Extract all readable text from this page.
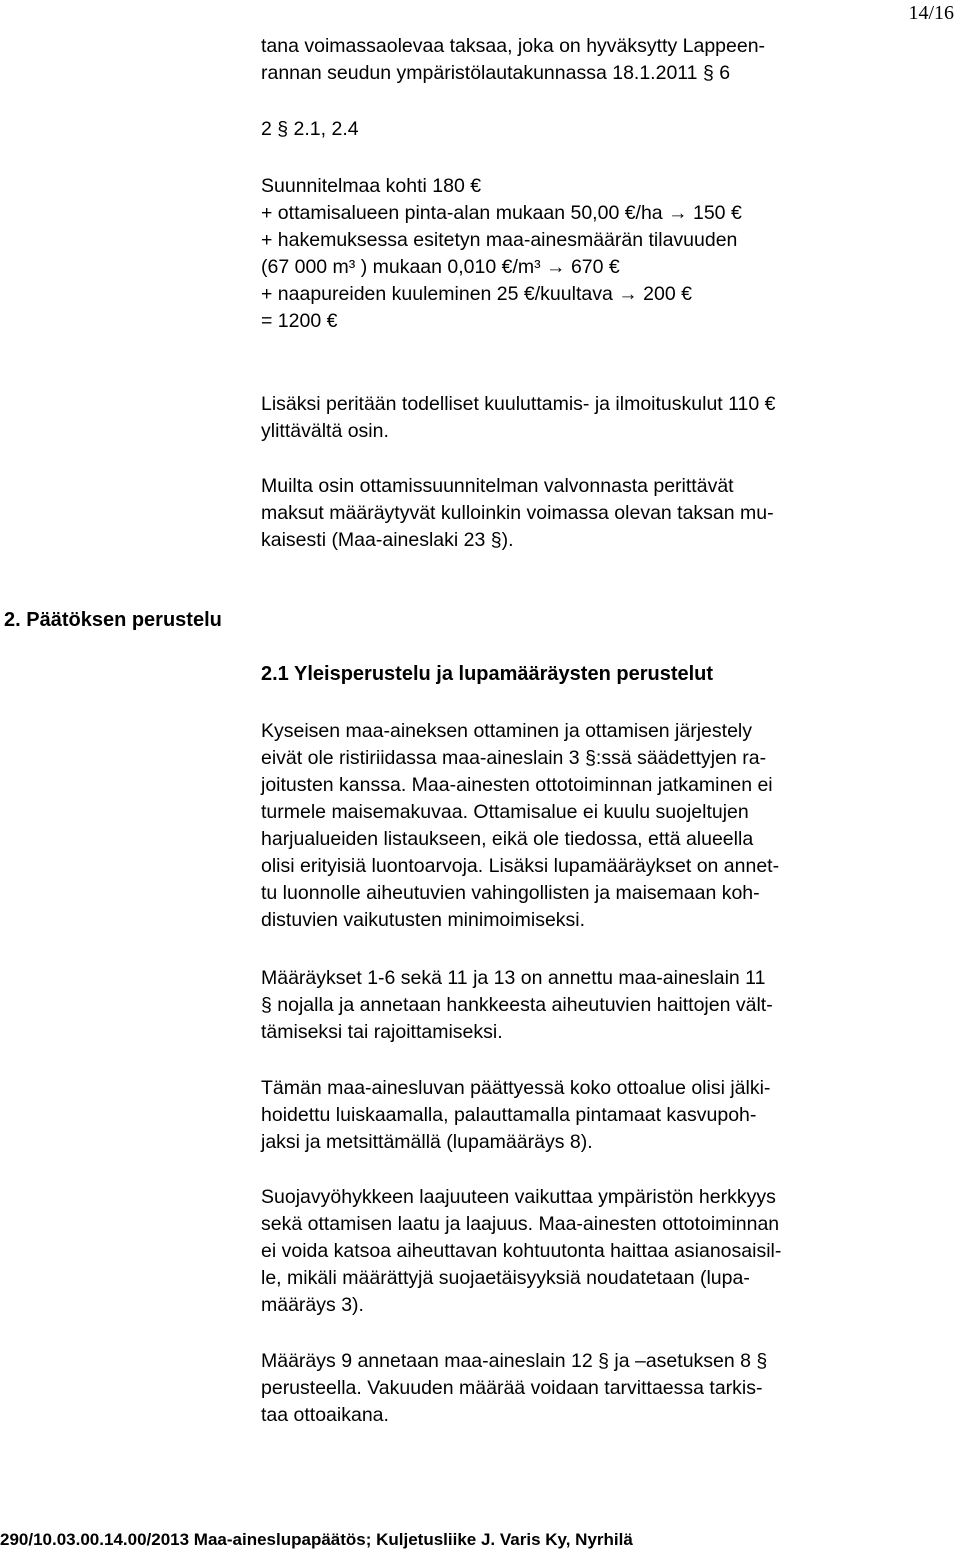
14/16
tana voimassaolevaa taksaa, joka on hyväksytty Lappeen-
rannan seudun ympäristölautakunnassa 18.1.2011 § 6
2 § 2.1, 2.4
Suunnitelmaa kohti 180 €
+ ottamisalueen pinta-alan mukaan 50,00 €/ha → 150 €
+ hakemuksessa esitetyn maa-ainesmäärän tilavuuden
(67 000 m³ ) mukaan 0,010 €/m³ → 670 €
+ naapureiden kuuleminen 25 €/kuultava → 200 €
= 1200 €
Lisäksi peritään todelliset kuuluttamis- ja ilmoituskulut 110 €
ylittävältä osin.
Muilta osin ottamissuunnitelman valvonnasta perittävät
maksut määräytyvät kulloinkin voimassa olevan taksan mu-
kaisesti (Maa-aineslaki 23 §).
2. Päätöksen perustelu
2.1 Yleisperustelu ja lupamääräysten perustelut
Kyseisen maa-aineksen ottaminen ja ottamisen järjestely
eivät ole ristiriidassa maa-aineslain 3 §:ssä säädettyjen ra-
joitusten kanssa. Maa-ainesten ottotoiminnan jatkaminen ei
turmele maisemakuvaa. Ottamisalue ei kuulu suojeltujen
harjualueiden listaukseen, eikä ole tiedossa, että alueella
olisi erityisiä luontoarvoja. Lisäksi lupamääräykset on annet-
tu luonnolle aiheutuvien vahingollisten ja maisemaan koh-
distuvien vaikutusten minimoimiseksi.
Määräykset 1-6 sekä 11 ja 13 on annettu maa-aineslain 11
§ nojalla ja annetaan hankkeesta aiheutuvien haittojen vält-
tämiseksi tai rajoittamiseksi.
Tämän maa-ainesluvan päättyessä koko ottoalue olisi jälki-
hoidettu luiskaamalla, palauttamalla pintamaat kasvupoh-
jaksi ja metsittämällä (lupamääräys 8).
Suojavyöhykkeen laajuuteen vaikuttaa ympäristön herkkyys
sekä ottamisen laatu ja laajuus. Maa-ainesten ottotoiminnan
ei voida katsoa aiheuttavan kohtuutonta haittaa asianosaisil-
le, mikäli määrättyjä suojaetäisyyksiä noudatetaan (lupa-
määräys 3).
Määräys 9 annetaan maa-aineslain 12 § ja –asetuksen 8 §
perusteella. Vakuuden määrää voidaan tarvittaessa tarkis-
taa ottoaikana.
290/10.03.00.14.00/2013 Maa-aineslupapäätös; Kuljetusliike J. Varis Ky, Nyrhilä
